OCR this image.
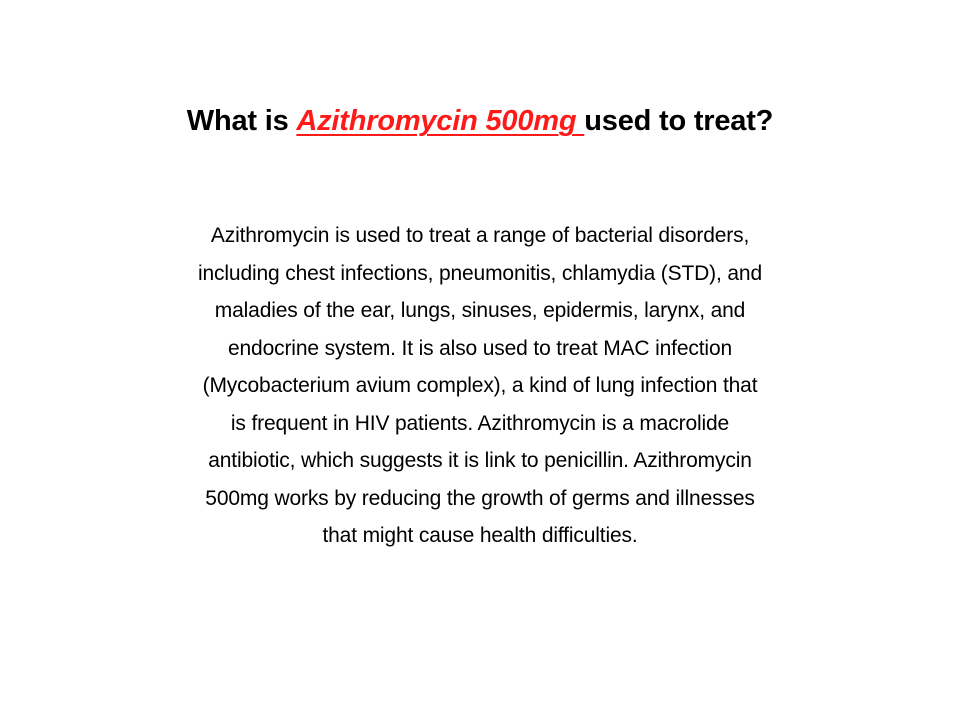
What is Azithromycin 500mg used to treat?

Azithromycin is used to treat a range of bacterial disorders,
including chest infections, pneumonitis, chlamydia (STD), and
maladies of the ear, lungs, sinuses, epidermis, larynx, and
endocrine system. It is also used to treat MAC infection
(Mycobacterium avium complex), a kind of lung infection that
is frequent in HIV patients. Azithromycin is a macrolide
antibiotic, which suggests it is link to penicillin. Azithromycin
500mg works by reducing the growth of germs and illnesses
that might cause health difficulties.
